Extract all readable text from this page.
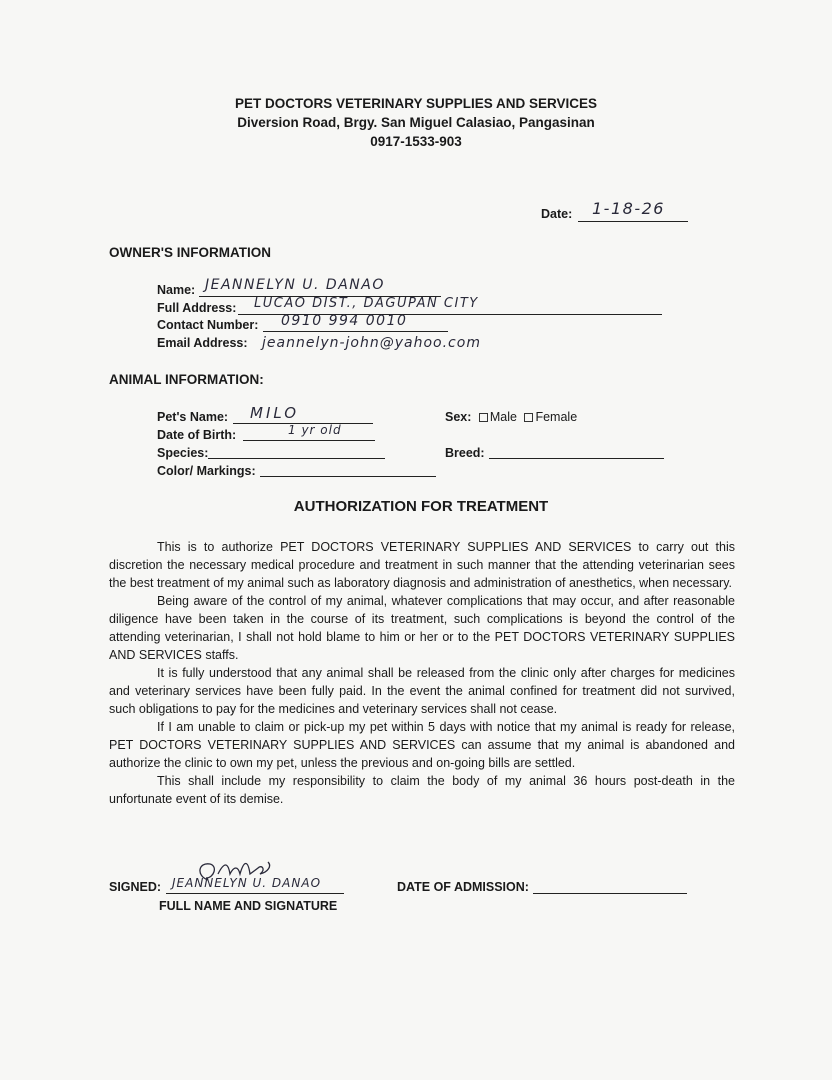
PET DOCTORS VETERINARY SUPPLIES AND SERVICES
Diversion Road, Brgy. San Miguel Calasiao, Pangasinan
0917-1533-903
Date: 1-18-26
OWNER'S INFORMATION
Name: JEANNELYN U. DANAO
Full Address: LUCAO DIST., DAGUPAN CITY
Contact Number: 0910 994 0010
Email Address: jeannelyn-john@yahoo.com
ANIMAL INFORMATION:
Pet's Name: MILO
Date of Birth:	1 yr old
Species:
Color/ Markings:
Sex: Male Female
Breed:
AUTHORIZATION FOR TREATMENT

This is to authorize PET DOCTORS VETERINARY SUPPLIES AND SERVICES to carry out this discretion the necessary medical procedure and treatment in such manner that the attending veterinarian sees the best treatment of my animal such as laboratory diagnosis and administration of anesthetics, when necessary.

Being aware of the control of my animal, whatever complications that may occur, and after reasonable diligence have been taken in the course of its treatment, such complications is beyond the control of the attending veterinarian, I shall not hold blame to him or her or to the PET DOCTORS VETERINARY SUPPLIES AND SERVICES staffs.

It is fully understood that any animal shall be released from the clinic only after charges for medicines and veterinary services have been fully paid. In the event the animal confined for treatment did not survived, such obligations to pay for the medicines and veterinary services shall not cease.

If I am unable to claim or pick-up my pet within 5 days with notice that my animal is ready for release, PET DOCTORS VETERINARY SUPPLIES AND SERVICES can assume that my animal is abandoned and authorize the clinic to own my pet, unless the previous and on-going bills are settled.

This shall include my responsibility to claim the body of my animal 36 hours post-death in the unfortunate event of its demise.

SIGNED: JEANNELYN U. DANAO
FULL NAME AND SIGNATURE
DATE OF ADMISSION:
